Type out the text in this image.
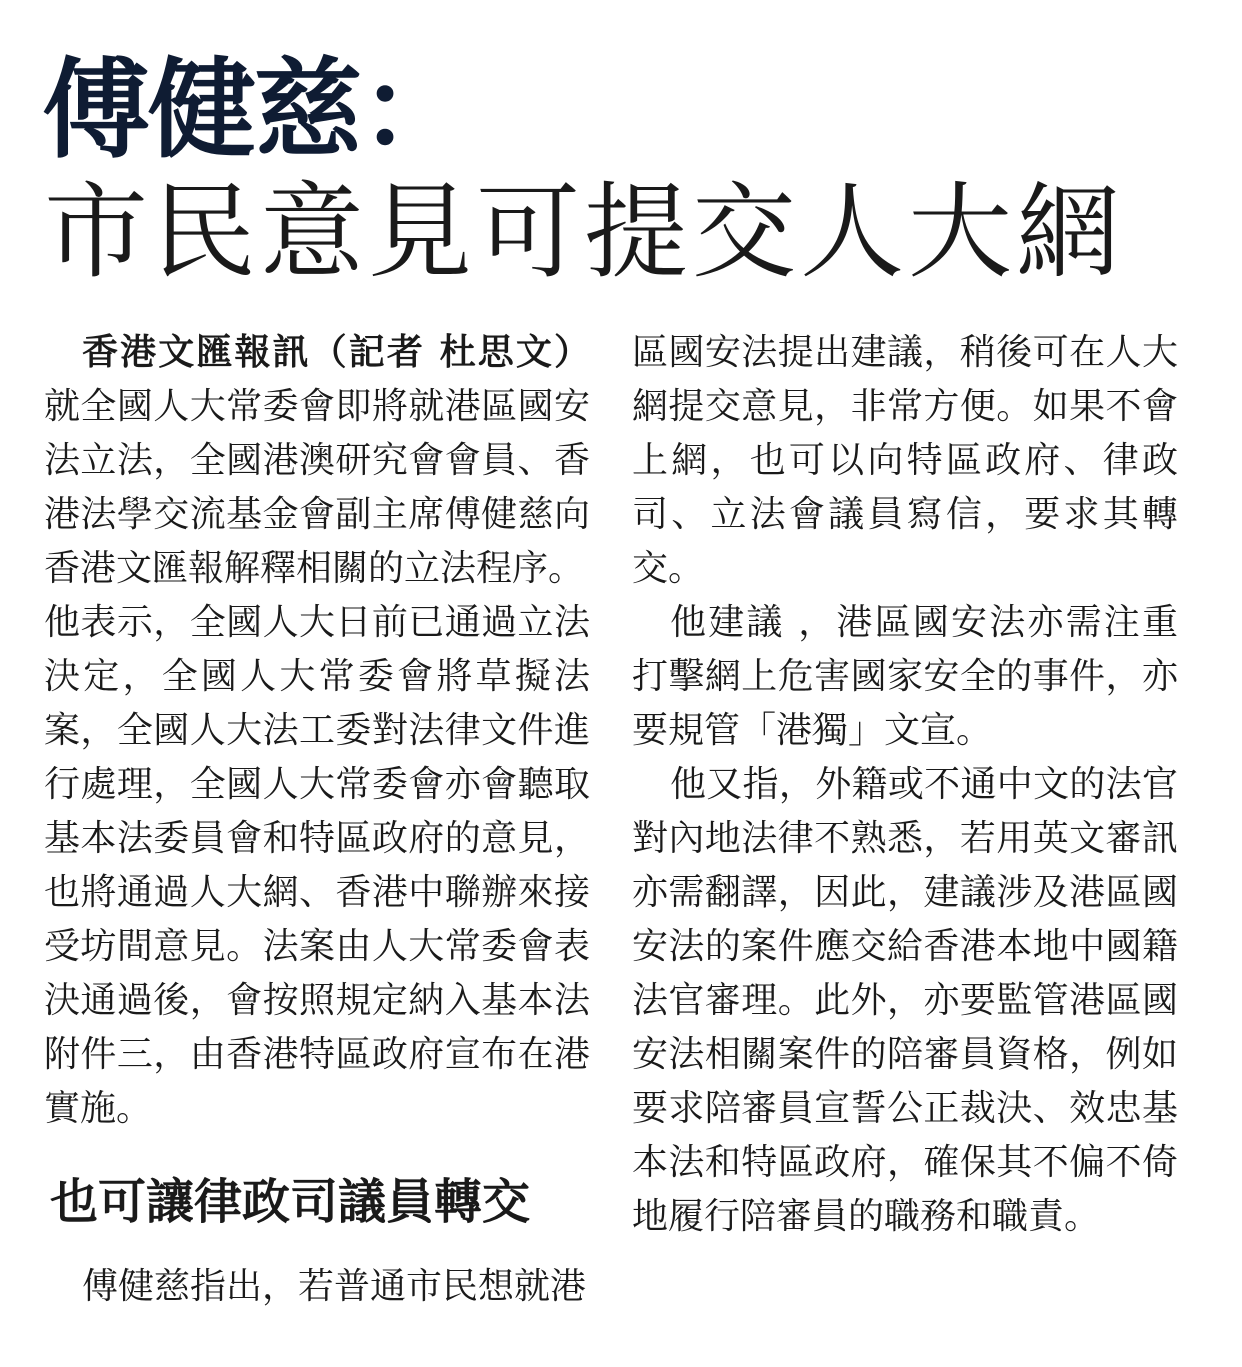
傅健慈：
市民意見可提交人大網

香港文匯報訊（記者 杜思文）就全國人大常委會即將就港區國安法立法，全國港澳研究會會員、香港法學交流基金會副主席傅健慈向香港文匯報解釋相關的立法程序。

他表示，全國人大日前已通過立法決定，全國人大常委會將草擬法案，全國人大法工委對法律文件進行處理，全國人大常委會亦會聽取基本法委員會和特區政府的意見，也將通過人大網、香港中聯辦來接受坊間意見。法案由人大常委會表決通過後，會按照規定納入基本法附件三，由香港特區政府宣布在港實施。

也可讓律政司議員轉交

傅健慈指出，若普通市民想就港

區國安法提出建議，稍後可在人大網提交意見，非常方便。如果不會上網，也可以向特區政府、律政司、立法會議員寫信，要求其轉交。

他建議 ，港區國安法亦需注重打擊網上危害國家安全的事件，亦要規管「港獨」文宣。

他又指，外籍或不通中文的法官對內地法律不熟悉，若用英文審訊亦需翻譯，因此，建議涉及港區國安法的案件應交給香港本地中國籍法官審理。此外，亦要監管港區國安法相關案件的陪審員資格，例如要求陪審員宣誓公正裁決、效忠基本法和特區政府，確保其不偏不倚地履行陪審員的職務和職責。
